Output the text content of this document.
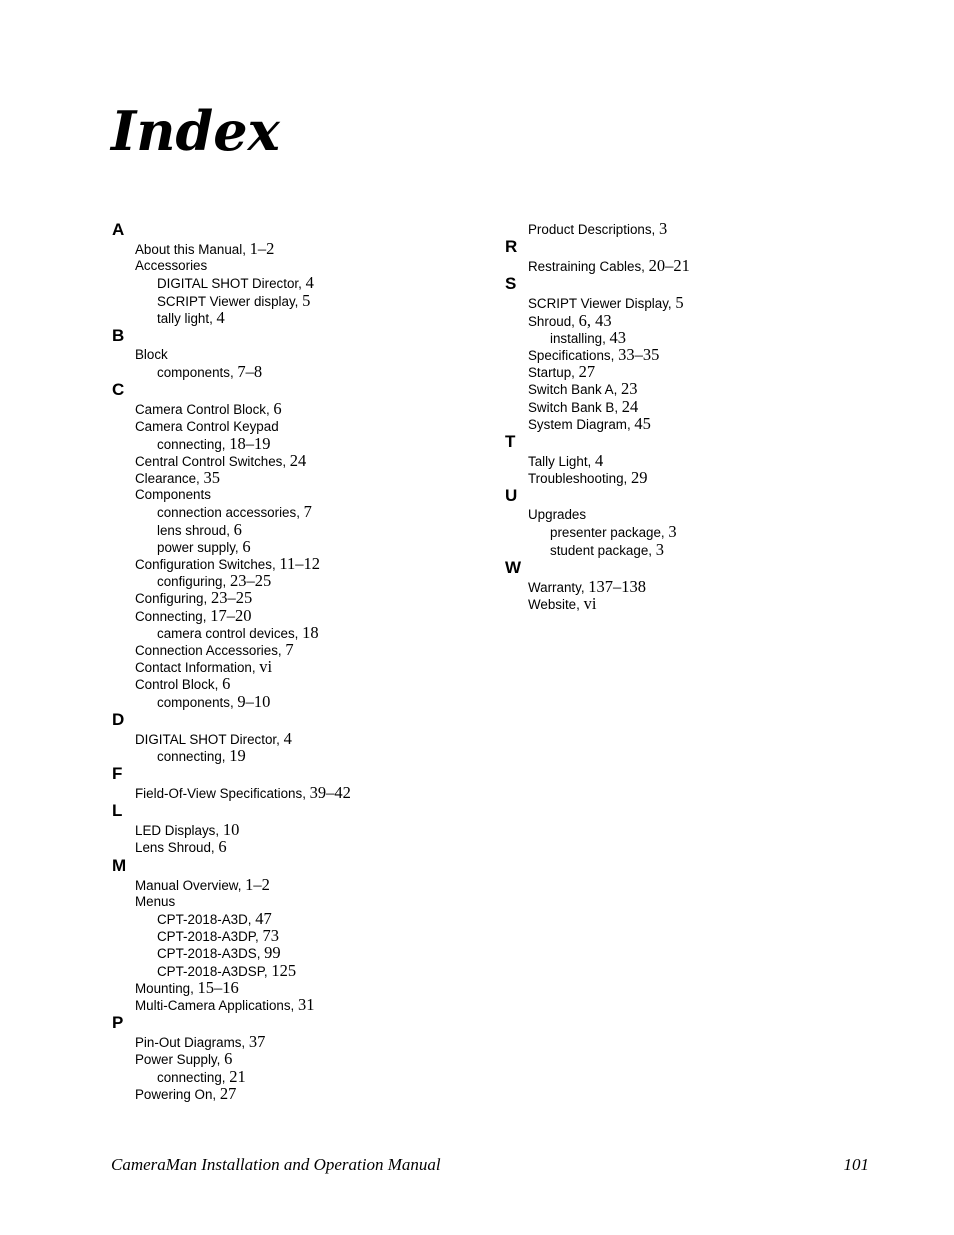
Index
A
About this Manual, 1–2
Accessories
DIGITAL SHOT Director, 4
SCRIPT Viewer display, 5
tally light, 4
B
Block
components, 7–8
C
Camera Control Block, 6
Camera Control Keypad
connecting, 18–19
Central Control Switches, 24
Clearance, 35
Components
connection accessories, 7
lens shroud, 6
power supply, 6
Configuration Switches, 11–12
configuring, 23–25
Configuring, 23–25
Connecting, 17–20
camera control devices, 18
Connection Accessories, 7
Contact Information, vi
Control Block, 6
components, 9–10
D
DIGITAL SHOT Director, 4
connecting, 19
F
Field-Of-View Specifications, 39–42
L
LED Displays, 10
Lens Shroud, 6
M
Manual Overview, 1–2
Menus
CPT-2018-A3D, 47
CPT-2018-A3DP, 73
CPT-2018-A3DS, 99
CPT-2018-A3DSP, 125
Mounting, 15–16
Multi-Camera Applications, 31
P
Pin-Out Diagrams, 37
Power Supply, 6
connecting, 21
Powering On, 27
Product Descriptions, 3
R
Restraining Cables, 20–21
S
SCRIPT Viewer Display, 5
Shroud, 6, 43
installing, 43
Specifications, 33–35
Startup, 27
Switch Bank A, 23
Switch Bank B, 24
System Diagram, 45
T
Tally Light, 4
Troubleshooting, 29
U
Upgrades
presenter package, 3
student package, 3
W
Warranty, 137–138
Website, vi
CameraMan Installation and Operation Manual	101
